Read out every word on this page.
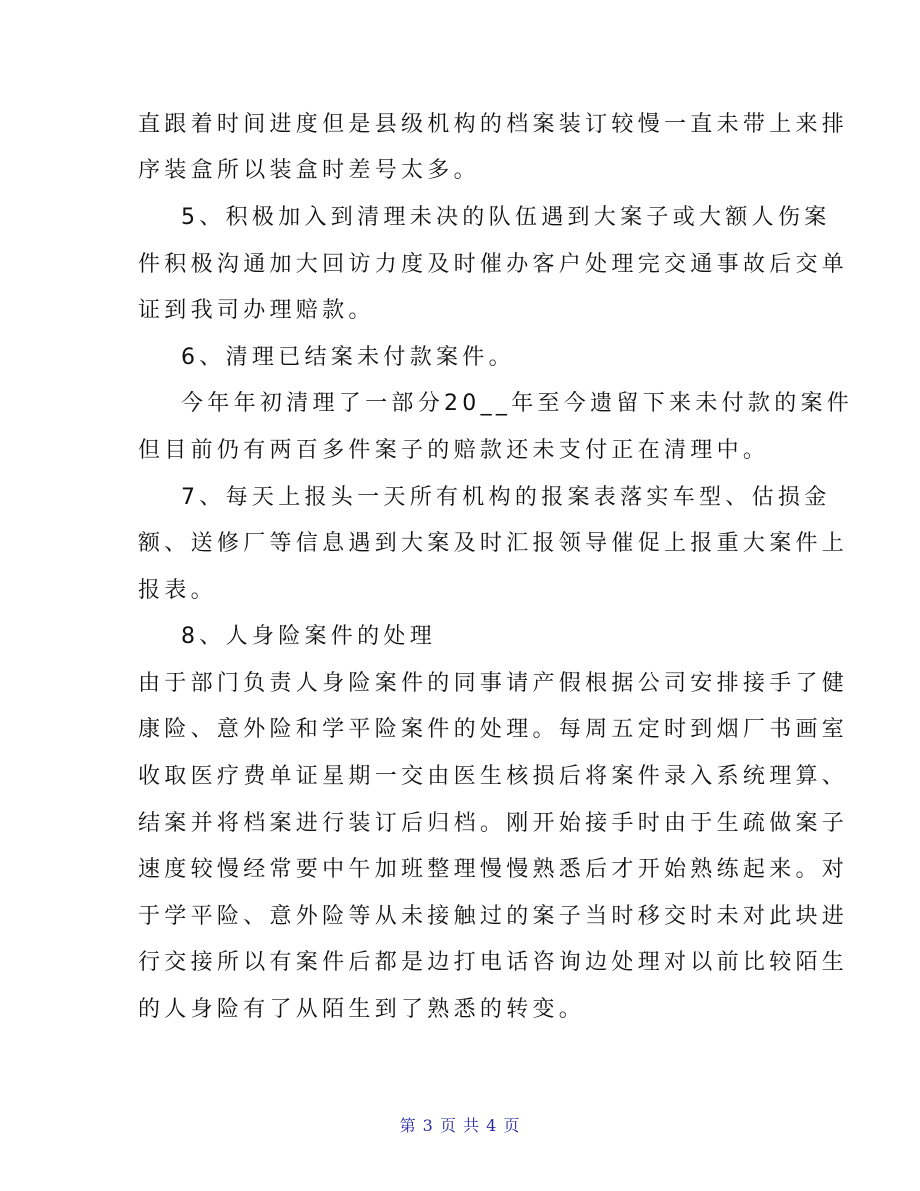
直跟着时间进度但是县级机构的档案装订较慢一直未带上来排
序装盒所以装盒时差号太多。
5、积极加入到清理未决的队伍遇到大案子或大额人伤案
件积极沟通加大回访力度及时催办客户处理完交通事故后交单
证到我司办理赔款。
6、清理已结案未付款案件。
今年年初清理了一部分20__年至今遗留下来未付款的案件
但目前仍有两百多件案子的赔款还未支付正在清理中。
7、每天上报头一天所有机构的报案表落实车型、估损金
额、送修厂等信息遇到大案及时汇报领导催促上报重大案件上
报表。
8、人身险案件的处理
由于部门负责人身险案件的同事请产假根据公司安排接手了健
康险、意外险和学平险案件的处理。每周五定时到烟厂书画室
收取医疗费单证星期一交由医生核损后将案件录入系统理算、
结案并将档案进行装订后归档。刚开始接手时由于生疏做案子
速度较慢经常要中午加班整理慢慢熟悉后才开始熟练起来。对
于学平险、意外险等从未接触过的案子当时移交时未对此块进
行交接所以有案件后都是边打电话咨询边处理对以前比较陌生
的人身险有了从陌生到了熟悉的转变。
第 3 页 共 4 页
